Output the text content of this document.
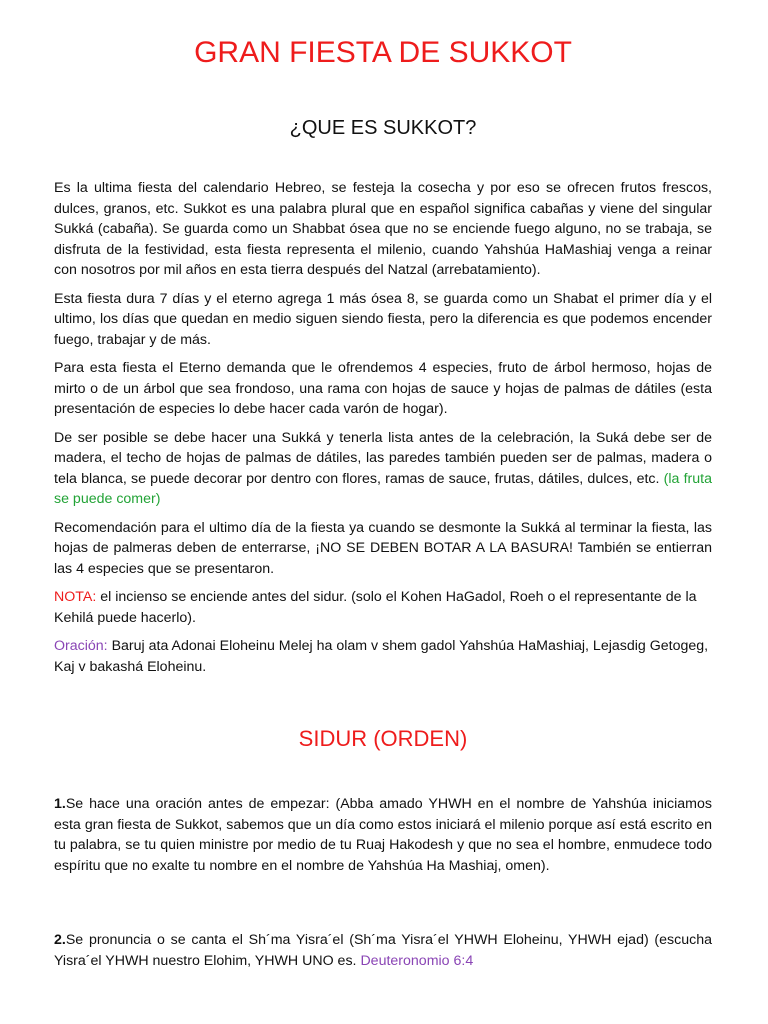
GRAN FIESTA DE SUKKOT
¿QUE ES SUKKOT?

Es la ultima fiesta del calendario Hebreo, se festeja la cosecha y por eso se ofrecen frutos frescos, dulces, granos, etc. Sukkot es una palabra plural que en español significa cabañas y viene del singular Sukká (cabaña). Se guarda como un Shabbat ósea que no se enciende fuego alguno, no se trabaja, se disfruta de la festividad, esta fiesta representa el milenio, cuando Yahshúa HaMashiaj venga a reinar con nosotros por mil años en esta tierra después del Natzal (arrebatamiento).

Esta fiesta dura 7 días y el eterno agrega 1 más ósea 8, se guarda como un Shabat el primer día y el ultimo, los días que quedan en medio siguen siendo fiesta, pero la diferencia es que podemos encender fuego, trabajar y de más.

Para esta fiesta el Eterno demanda que le ofrendemos 4 especies, fruto de árbol hermoso, hojas de mirto o de un árbol que sea frondoso, una rama con hojas de sauce y hojas de palmas de dátiles (esta presentación de especies lo debe hacer cada varón de hogar).

De ser posible se debe hacer una Sukká y tenerla lista antes de la celebración, la Suká debe ser de madera, el techo de hojas de palmas de dátiles, las paredes también pueden ser de palmas, madera o tela blanca, se puede decorar por dentro con flores, ramas de sauce, frutas, dátiles, dulces, etc. (la fruta se puede comer)

Recomendación para el ultimo día de la fiesta ya cuando se desmonte la Sukká al terminar la fiesta, las hojas de palmeras deben de enterrarse, ¡NO SE DEBEN BOTAR A LA BASURA! También se entierran las 4 especies que se presentaron.

NOTA: el incienso se enciende antes del sidur. (solo el Kohen HaGadol, Roeh o el representante de la Kehilá puede hacerlo).

Oración: Baruj ata Adonai Eloheinu Melej ha olam v shem gadol Yahshúa HaMashiaj, Lejasdig Getogeg, Kaj v bakashá Eloheinu.

SIDUR (ORDEN)

1.Se hace una oración antes de empezar: (Abba amado YHWH en el nombre de Yahshúa iniciamos esta gran fiesta de Sukkot, sabemos que un día como estos iniciará el milenio porque así está escrito en tu palabra, se tu quien ministre por medio de tu Ruaj Hakodesh y que no sea el hombre, enmudece todo espíritu que no exalte tu nombre en el nombre de Yahshúa Ha Mashiaj, omen).

2.Se pronuncia o se canta el Sh´ma Yisra´el (Sh´ma Yisra´el YHWH Eloheinu, YHWH ejad) (escucha Yisra´el YHWH nuestro Elohim, YHWH UNO es. Deuteronomio 6:4
